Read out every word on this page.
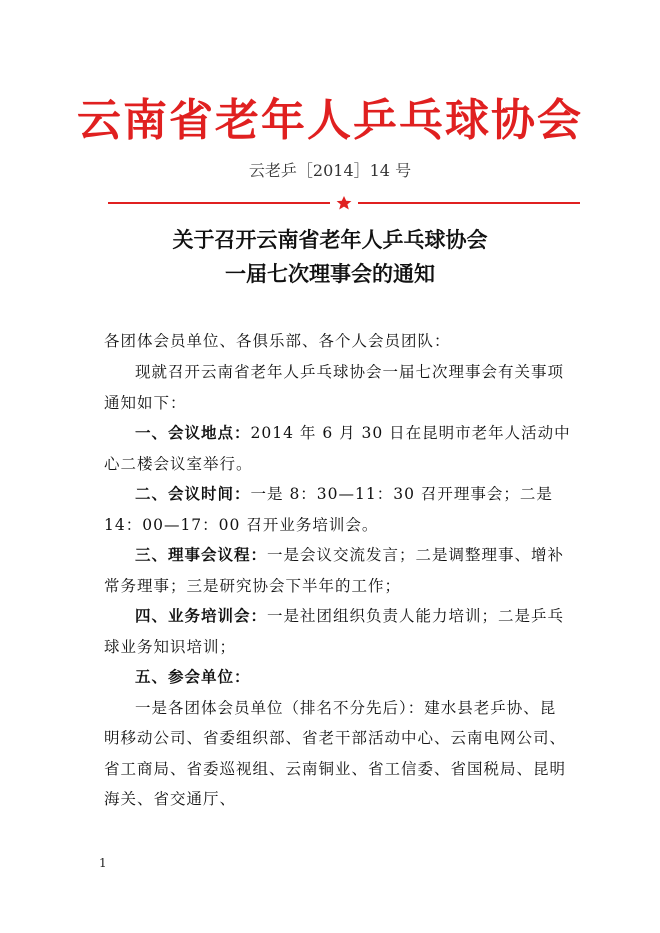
云南省老年人乒乓球协会
云老乒［2014］14 号
关于召开云南省老年人乒乓球协会
一届七次理事会的通知
各团体会员单位、各俱乐部、各个人会员团队：

现就召开云南省老年人乒乓球协会一届七次理事会有关事项通知如下：

一、会议地点：2014 年 6 月 30 日在昆明市老年人活动中心二楼会议室举行。

二、会议时间：一是 8：30—11：30 召开理事会；二是 14：00—17：00 召开业务培训会。

三、理事会议程：一是会议交流发言；二是调整理事、增补常务理事；三是研究协会下半年的工作；

四、业务培训会：一是社团组织负责人能力培训；二是乒乓球业务知识培训；

五、参会单位：

一是各团体会员单位（排名不分先后）：建水县老乒协、昆明移动公司、省委组织部、省老干部活动中心、云南电网公司、省工商局、省委巡视组、云南铜业、省工信委、省国税局、昆明海关、省交通厅、

1
